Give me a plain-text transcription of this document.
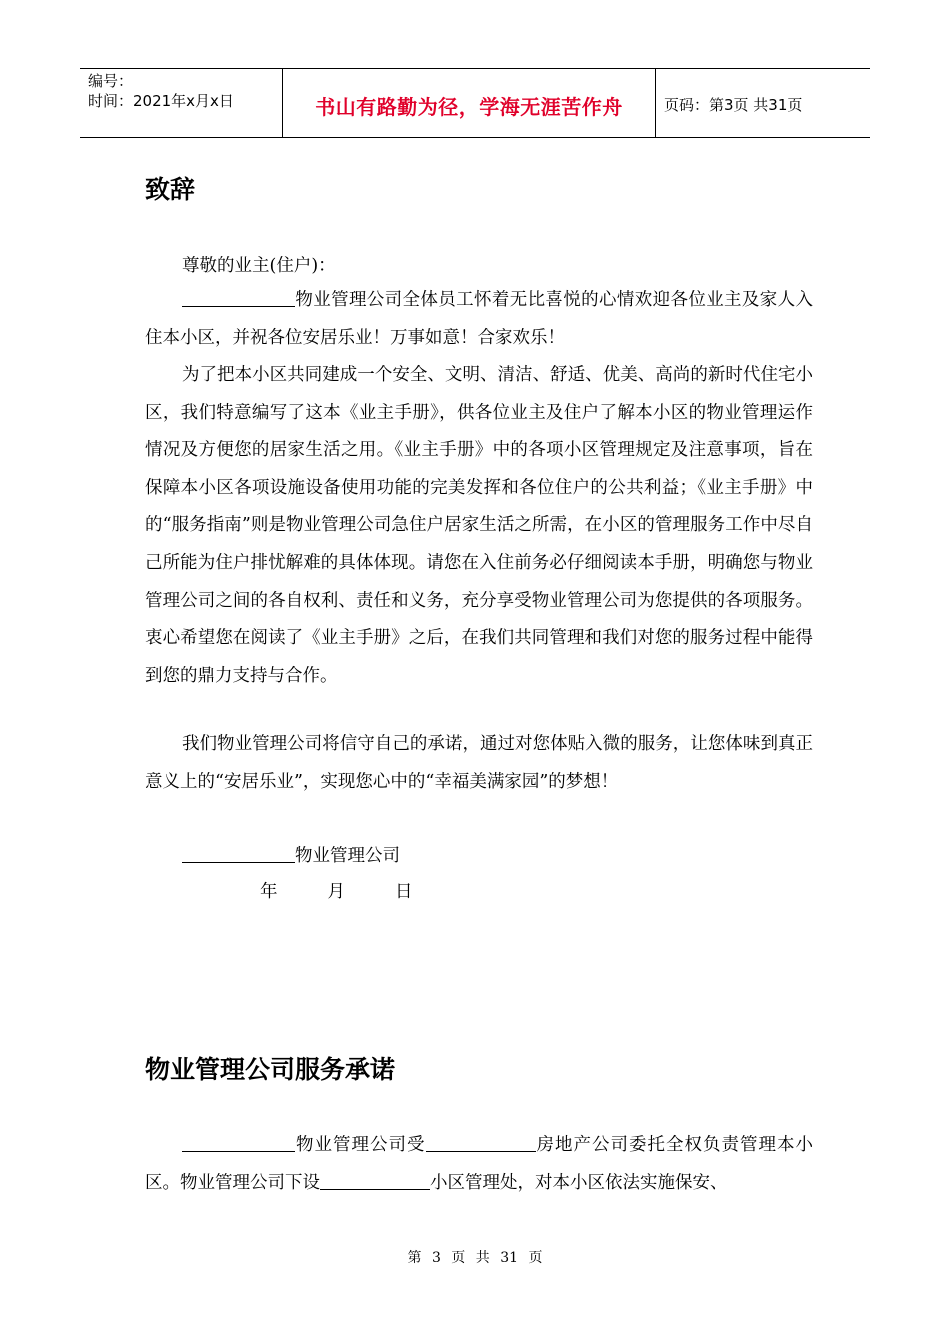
编号：
时间：2021年x月x日	书山有路勤为径，学海无涯苦作舟	页码：第3页 共31页
致辞
尊敬的业主(住户)：
物业管理公司全体员工怀着无比喜悦的心情欢迎各位业主及家人入住本小区，并祝各位安居乐业！万事如意！合家欢乐！
为了把本小区共同建成一个安全、文明、清洁、舒适、优美、高尚的新时代住宅小区，我们特意编写了这本《业主手册》，供各位业主及住户了解本小区的物业管理运作情况及方便您的居家生活之用。《业主手册》中的各项小区管理规定及注意事项，旨在保障本小区各项设施设备使用功能的完美发挥和各位住户的公共利益；《业主手册》中的“服务指南”则是物业管理公司急住户居家生活之所需，在小区的管理服务工作中尽自己所能为住户排忧解难的具体体现。请您在入住前务必仔细阅读本手册，明确您与物业管理公司之间的各自权利、责任和义务，充分享受物业管理公司为您提供的各项服务。衷心希望您在阅读了《业主手册》之后，在我们共同管理和我们对您的服务过程中能得到您的鼎力支持与合作。
我们物业管理公司将信守自己的承诺，通过对您体贴入微的服务，让您体味到真正意义上的“安居乐业”，实现您心中的“幸福美满家园”的梦想！
物业管理公司
年	月	日
物业管理公司服务承诺
物业管理公司受	房地产公司委托全权负责管理本小区。物业管理公司下设	小区管理处，对本小区依法实施保安、
第 3 页 共 31 页
